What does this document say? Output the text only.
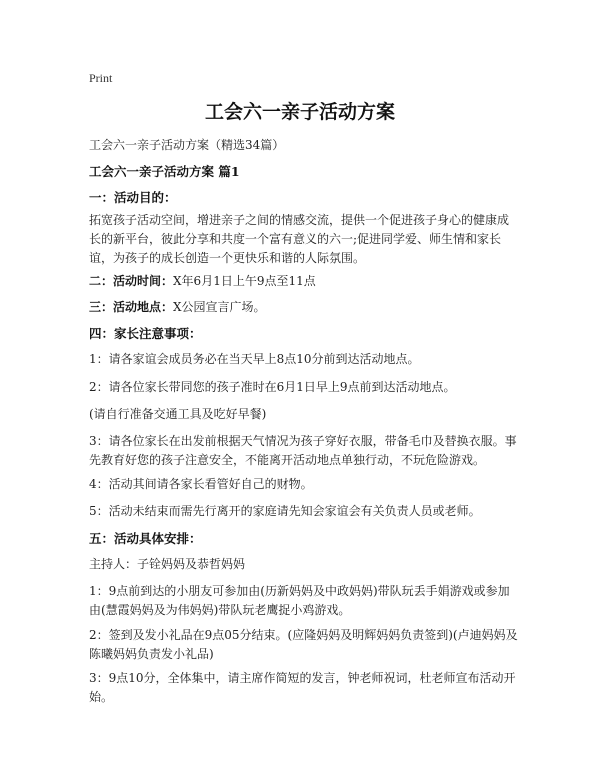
Print
工会六一亲子活动方案
工会六一亲子活动方案（精选34篇）
工会六一亲子活动方案 篇1
一：活动目的：
拓宽孩子活动空间，增进亲子之间的情感交流，提供一个促进孩子身心的健康成长的新平台，彼此分享和共度一个富有意义的六一;促进同学爱、师生情和家长谊，为孩子的成长创造一个更快乐和谐的人际氛围。
二：活动时间：X年6月1日上午9点至11点
三：活动地点：X公园宣言广场。
四：家长注意事项：
1：请各家谊会成员务必在当天早上8点10分前到达活动地点。
2：请各位家长带同您的孩子准时在6月1日早上9点前到达活动地点。
(请自行准备交通工具及吃好早餐)
3：请各位家长在出发前根据天气情况为孩子穿好衣服，带备毛巾及替换衣服。事先教育好您的孩子注意安全，不能离开活动地点单独行动，不玩危险游戏。
4：活动其间请各家长看管好自己的财物。
5：活动未结束而需先行离开的家庭请先知会家谊会有关负责人员或老师。
五：活动具体安排：
主持人：子铨妈妈及恭哲妈妈
1：9点前到达的小朋友可参加由(历新妈妈及中政妈妈)带队玩丢手娟游戏或参加由(慧霞妈妈及为伟妈妈)带队玩老鹰捉小鸡游戏。
2：签到及发小礼品在9点05分结束。(应隆妈妈及明辉妈妈负责签到)(卢迪妈妈及陈曦妈妈负责发小礼品)
3：9点10分，全体集中，请主席作简短的发言，钟老师祝词，杜老师宣布活动开始。
